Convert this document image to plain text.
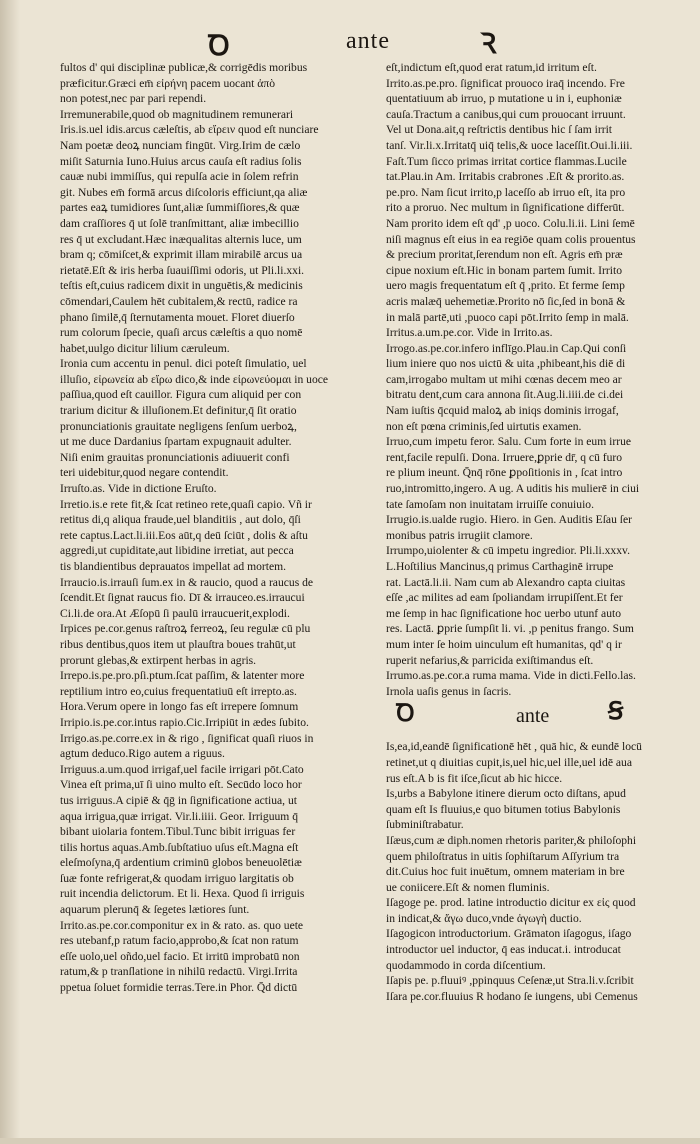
Ꝺ	ante	Ꝛ
fultos d' qui disciplinæ publicæ,& corrigēdis moribus
præficitur.Græci em̄ εἰρήνη pacem uocant ἀπὸ
non potest,nec par pari rependi.
Irremunerabile,quod ob magnitudinem remunerari
Iris.is.uel idis.arcus cæleſtis, ab εἴρειν quod eſt nunciare
Nam poetæ deoꝝ nunciam fingūt. Virg.Irim de cælo
miſit Saturnia Iuno.Huius arcus cauſa eſt radius ſolis
cauæ nubi immiſſus, qui repulſa acie in ſolem refrin
git. Nubes em̄ formā arcus diſcoloris efficiunt,qa aliæ
partes eaꝝ tumidiores ſunt,aliæ ſummiſſiores,& quæ
dam craſſiores q̄ ut ſolē tranſmittant, aliæ imbecillio
res q̄ ut excludant.Hæc inæqualitas alternis luce, um
bram q; cōmiſcet,& exprimit illam mirabilē arcus ua
rietatē.Eſt & iris herba ſuauiſſimi odoris, ut Pli.li.xxi.
teſtis eſt,cuius radicem dixit in unguētis,& medicinis
cōmendari,Caulem hēt cubitalem,& rectū, radice ra
phano ſimilē,q̄ ſternutamenta mouet. Floret diuerſo
rum colorum ſpecie, quaſi arcus cæleſtis a quo nomē
habet,uulgo dicitur lilium cæruleum.
Ironia cum accentu in penul. dici poteſt ſimulatio, uel
illuſio, εἰρωνεία ab εἴρω dico,& inde εἰρωνεύομαι in uoce
paſſiua,quod eſt cauillor. Figura cum aliquid per con
trarium dicitur & illuſionem.Et definitur,q̄ ſit oratio
pronunciationis grauitate negligens ſenſum uerboꝝ,
ut me duce Dardanius ſpartam expugnauit adulter.
Niſi enim grauitas pronunciationis adiuuerit confi
teri uidebitur,quod negare contendit.
Irruſto.as. Vide in dictione Eruſto.
Irretio.is.e rete fit,& ſcat retineo rete,quaſi capio. Vñ ir
retitus di,q aliqua fraude,uel blanditiis , aut dolo, q̄ſi
rete captus.Lact.li.iii.Eos aūt,q deū ſciūt , dolis & aſtu
aggredi,ut cupiditate,aut libidine irretiat, aut pecca
tis blandientibus deprauatos impellat ad mortem.
Irraucio.is.irrauſi ſum.ex in & raucio, quod a raucus de
ſcendit.Et ſignat raucus fio. Dī & irrauceo.es.irraucui
Ci.li.de ora.At Æſopū ſi paulū irraucuerit,explodi.
Irpices pe.cor.genus raſtroꝝ ferreoꝝ, ſeu regulæ cū plu
ribus dentibus,quos item ut plauſtra boues trahūt,ut
prorunt glebas,& extirpent herbas in agris.
Irrepo.is.pe.pro.pſi.ptum.ſcat paſſim, & latenter more
reptilium intro eo,cuius frequentatiuū eſt irrepto.as.
Hora.Verum opere in longo fas eſt irrepere ſomnum
Irripio.is.pe.cor.intus rapio.Cic.Irripiūt in ædes ſubito.
Irrigo.as.pe.corre.ex in & rigo , ſignificat quaſi riuos in
agtum deduco.Rigo autem a riguus.
Irriguus.a.um.quod irrigaf,uel facile irrigari pōt.Cato
Vinea eſt prima,uī ſi uino multo eſt. Secūdo loco hor
tus irriguus.A cipiē & q̄ḡ in ſignificatione actiua, ut
aqua irrigua,quæ irrigat. Vir.li.iiii. Geor. Irriguum q̄
bibant uiolaria fontem.Tibul.Tunc bibit irriguas fer
tilis hortus aquas.Amb.ſubſtatiuo uſus eſt.Magna eſt
eleſmoſyna,q̄ ardentium criminū globos beneuolētiæ
ſuæ fonte refrigerat,& quodam irriguo largitatis ob
ruit incendia delictorum. Et li. Hexa. Quod ſi irriguis
aquarum plerunq̄ & ſegetes lætiores ſunt.
Irrito.as.pe.cor.componitur ex in & rato. as. quo uete
res utebanf,p ratum facio,approbo,& ſcat non ratum
eſſe uolo,uel oñdo,uel facio. Et irritū improbatū non
ratum,& p tranſlatione in nihilū redactū. Virgi.Irrita
ppetua ſoluet formidie terras.Tere.in Phor. Q̄d dictū
eſt,indictum eſt,quod erat ratum,id irritum eſt.
Irrito.as.pe.pro. ſignificat prouoco iraq̄ incendo. Fre
quentatiuum ab irruo, p mutatione u in i, euphoniæ
cauſa.Tractum a canibus,qui cum prouocant irruunt.
Vel ut Dona.ait,q reſtrictis dentibus hic ſ ſam irrit
tanſ. Vir.li.x.Irritatq̄ uiq̄ telis,& uoce laceſſit.Oui.li.iii.
Faſt.Tum ſicco primas irritat cortice flammas.Lucile
tat.Plau.in Am. Irritabis crabrones .Eſt & prorito.as.
pe.pro. Nam ſicut irrito,p laceſſo ab irruo eſt, ita pro
rito a proruo. Nec multum in ſignificatione differūt.
Nam prorito idem eſt qd' ,p uoco. Colu.li.ii. Lini ſemē
niſi magnus eſt eius in ea regiōe quam colis prouentus
& precium proritat,ſerendum non eſt. Agris em̄ præ
cipue noxium eſt.Hic in bonam partem ſumit. Irrito
uero magis frequentatum eſt q̄ ,prito. Et ferme ſemp
acris malæq̄ uehemetiæ.Prorito nō ſic,ſed in bonā &
in malā partē,uti ,puoco capi pōt.Irrito ſemp in malā.
Irritus.a.um.pe.cor. Vide in Irrito.as.
Irrogo.as.pe.cor.infero inflīgo.Plau.in Cap.Qui conſi
lium iniere quo nos uictū & uita ,phibeant,his diē di
cam,irrogabo multam ut mihi cœnas decem meo ar
bitratu dent,cum cara annona ſit.Aug.li.iiii.de ci.dei
Nam iuſtis q̄cquid maloꝝ ab iniqs dominis irrogaf,
non eſt pœna criminis,ſed uirtutis examen.
Irruo,cum impetu feror. Salu. Cum forte in eum irrue
rent,facile repulſi. Dona. Irruere,ꝑprie dr̄, q cū furo
re plium ineunt. Q̄nq̄ rōne ꝑpoſitionis in , ſcat intro
ruo,intromitto,ingero. A ug. A uditis his mulierē in ciui
tate ſamoſam non inuitatam irruiſſe conuiuio.
Irrugio.is.ualde rugio. Hiero. in Gen. Auditis Eſau ſer
monibus patris irrugiit clamore.
Irrumpo,uiolenter & cū impetu ingredior. Pli.li.xxxv.
L.Hoſtilius Mancinus,q primus Carthaginē irrupe
rat. Lactā.li.ii. Nam cum ab Alexandro capta ciuitas
eſſe ,ac milites ad eam ſpoliandam irrupiſſent.Et fer
me ſemp in hac ſignificatione hoc uerbo utunf auto
res. Lactā. ꝑprie ſumpſit li. vi. ,p penitus frango. Sum
mum inter ſe hoim uinculum eſt humanitas, qd' q ir
ruperit nefarius,& parricida exiſtimandus eſt.
Irrumo.as.pe.cor.a ruma mama. Vide in dicti.Fello.las.
Irnola uaſis genus in ſacris.
Ꝺ	ante Ꞩ
Is,ea,id,eandē ſignificationē hēt , quā hic, & eundē locū
retinet,ut q diuitias cupit,is,uel hic,uel ille,uel idē aua
rus eſt.A b is fit iſce,ſicut ab hic hicce.
Is,urbs a Babylone itinere dierum octo diſtans, apud
quam eſt Is fluuius,e quo bitumen totius Babylonis
ſubminiſtrabatur.
Iſæus,cum æ diph.nomen rhetoris pariter,& philoſophi
quem philoſtratus in uitis ſophiſtarum Aſſyrium tra
dit.Cuius hoc fuit inuētum, omnem materiam in bre
ue coniicere.Eſt & nomen fluminis.
Iſagoge pe. prod. latine introductio dicitur ex εἰς quod
in indicat,& ἄγω duco,vnde ἀγωγὴ ductio.
Iſagogicon introductorium. Grāmaton iſagogus, iſago
introductor uel inductor, q̄ eas inducat.i. introducat
quodammodo in corda diſcentium.
Iſapis pe. p.fluuiꝰ ,ppinquus Ceſenæ,ut Stra.li.v.ſcribit
Iſara pe.cor.fluuius R hodano ſe iungens, ubi Cemenus
